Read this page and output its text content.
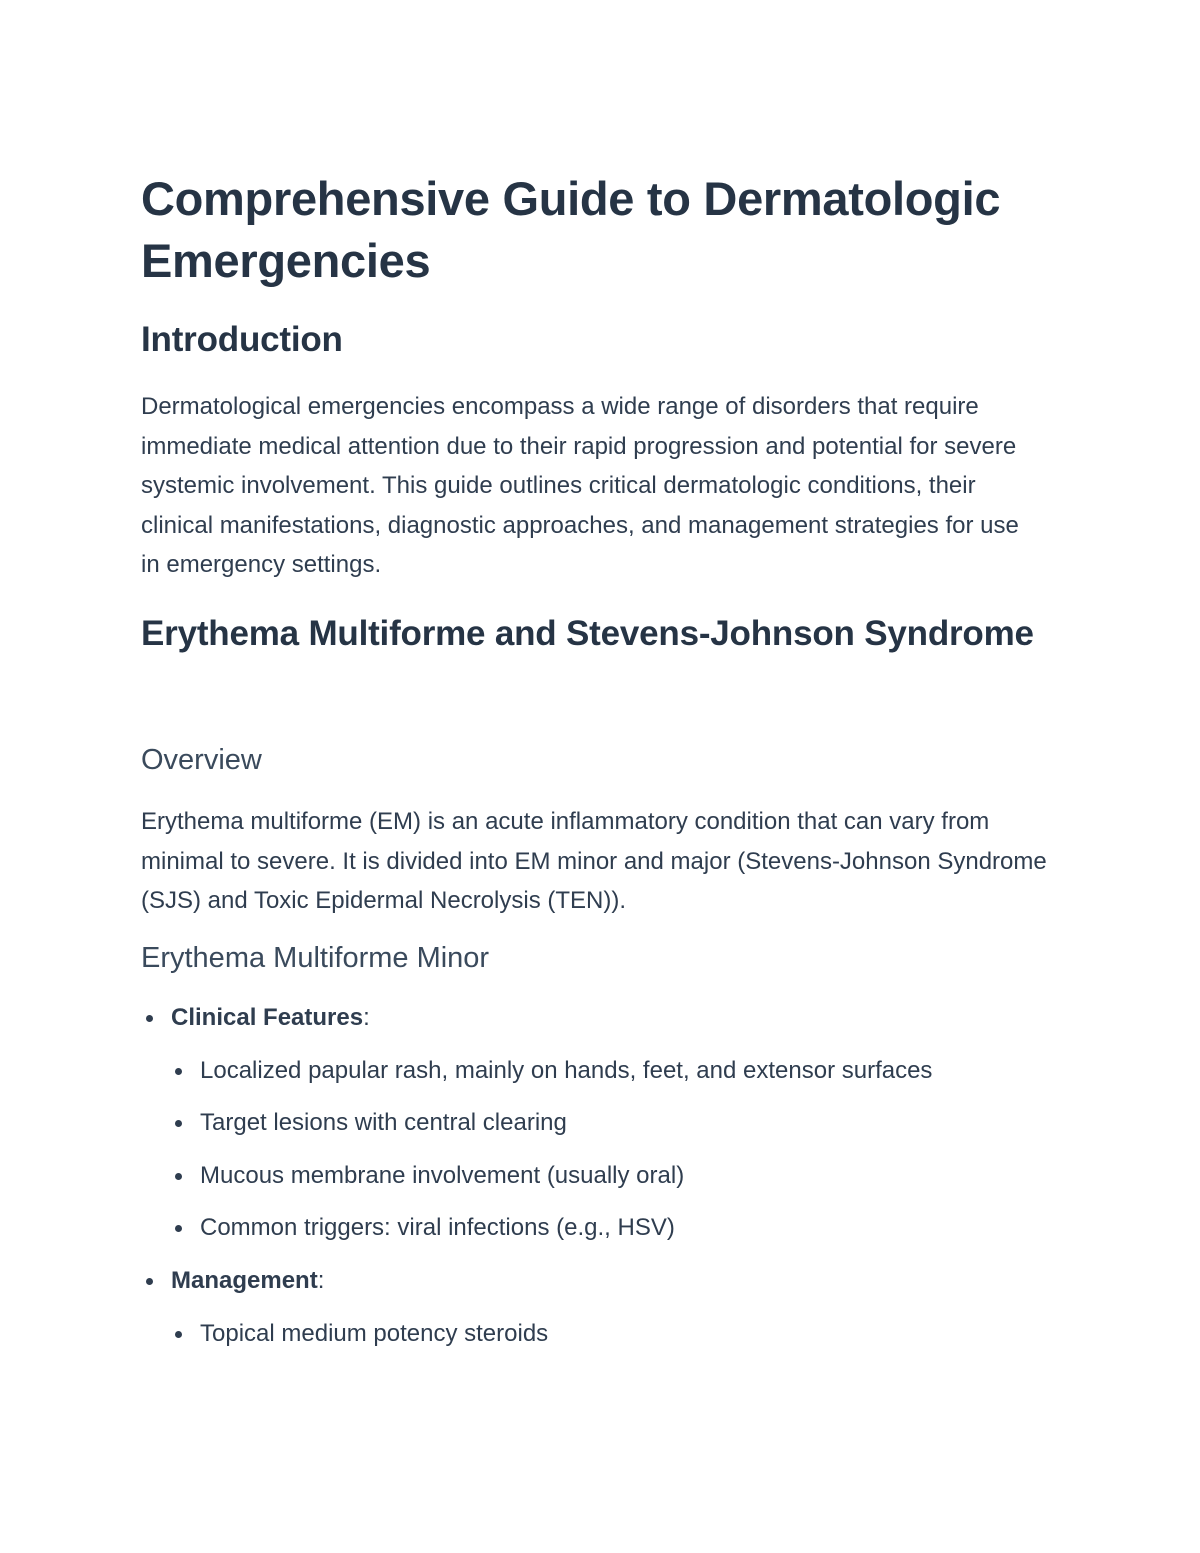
Comprehensive Guide to Dermatologic Emergencies
Introduction

Dermatological emergencies encompass a wide range of disorders that require immediate medical attention due to their rapid progression and potential for severe systemic involvement. This guide outlines critical dermatologic conditions, their clinical manifestations, diagnostic approaches, and management strategies for use in emergency settings.

Erythema Multiforme and Stevens-Johnson Syndrome
Overview

Erythema multiforme (EM) is an acute inflammatory condition that can vary from minimal to severe. It is divided into EM minor and major (Stevens-Johnson Syndrome (SJS) and Toxic Epidermal Necrolysis (TEN)).

Erythema Multiforme Minor
Clinical Features:
Localized papular rash, mainly on hands, feet, and extensor surfaces
Target lesions with central clearing
Mucous membrane involvement (usually oral)
Common triggers: viral infections (e.g., HSV)
Management:
Topical medium potency steroids
